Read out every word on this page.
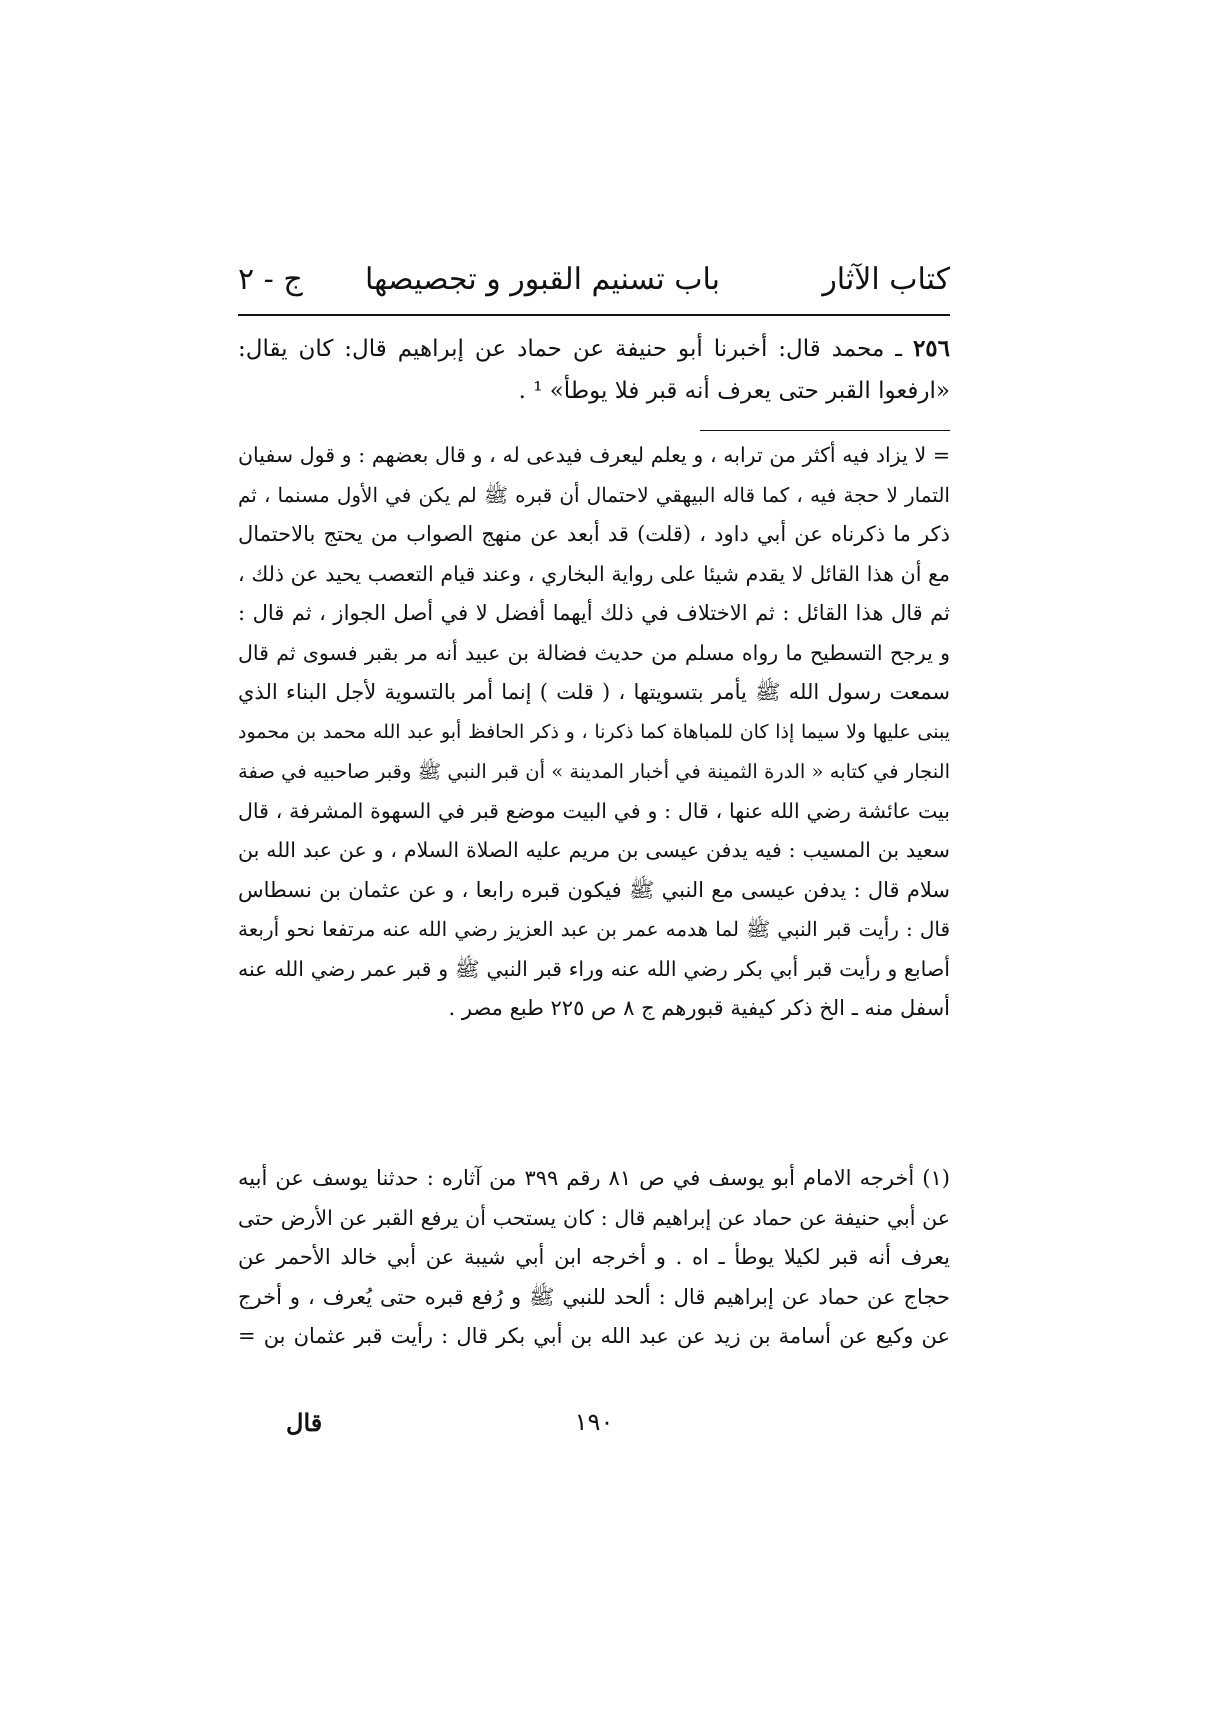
كتاب الآثار
باب تسنيم القبور و تجصيصها
ج - ٢
٢٥٦ ـ محمد قال: أخبرنا أبو حنيفة عن حماد عن إبراهيم قال: كان يقال: «ارفعوا القبر حتى يعرف أنه قبر فلا يوطأ» ¹ .
= لا يزاد فيه أكثر من ترابه ، و يعلم ليعرف فيدعى له ، و قال بعضهم : و قول سفيان
التمار لا حجة فيه ، كما قاله البيهقي لاحتمال أن قبره ﷺ لم يكن في الأول مسنما ، ثم
ذكر ما ذكرناه عن أبي داود ، (قلت) قد أبعد عن منهج الصواب من يحتج بالاحتمال
مع أن هذا القائل لا يقدم شيئا على رواية البخاري ، وعند قيام التعصب يحيد عن ذلك ،
ثم قال هذا القائل : ثم الاختلاف في ذلك أيهما أفضل لا في أصل الجواز ، ثم قال :
و يرجح التسطيح ما رواه مسلم من حديث فضالة بن عبيد أنه مر بقبر فسوى ثم قال
سمعت رسول الله ﷺ يأمر بتسويتها ، ( قلت ) إنما أمر بالتسوية لأجل البناء الذي
يبنى عليها ولا سيما إذا كان للمباهاة كما ذكرنا ، و ذكر الحافظ أبو عبد الله محمد بن محمود
النجار في كتابه « الدرة الثمينة في أخبار المدينة » أن قبر النبي ﷺ وقبر صاحبيه في صفة
بيت عائشة رضي الله عنها ، قال : و في البيت موضع قبر في السهوة المشرفة ، قال
سعيد بن المسيب : فيه يدفن عيسى بن مريم عليه الصلاة السلام ، و عن عبد الله بن
سلام قال : يدفن عيسى مع النبي ﷺ فيكون قبره رابعا ، و عن عثمان بن نسطاس
قال : رأيت قبر النبي ﷺ لما هدمه عمر بن عبد العزيز رضي الله عنه مرتفعا نحو أربعة
أصابع و رأيت قبر أبي بكر رضي الله عنه وراء قبر النبي ﷺ و قبر عمر رضي الله عنه
أسفل منه ـ الخ ذكر كيفية قبورهم ج ٨ ص ٢٢٥ طبع مصر .
(١) أخرجه الامام أبو يوسف في ص ٨١ رقم ٣٩٩ من آثاره : حدثنا يوسف عن أبيه
عن أبي حنيفة عن حماد عن إبراهيم قال : كان يستحب أن يرفع القبر عن الأرض حتى
يعرف أنه قبر لكيلا يوطأ ـ اه . و أخرجه ابن أبي شيبة عن أبي خالد الأحمر عن
حجاج عن حماد عن إبراهيم قال : ألحد للنبي ﷺ و رُفع قبره حتى يُعرف ، و أخرج
عن وكيع عن أسامة بن زيد عن عبد الله بن أبي بكر قال : رأيت قبر عثمان بن =
١٩٠
قال
